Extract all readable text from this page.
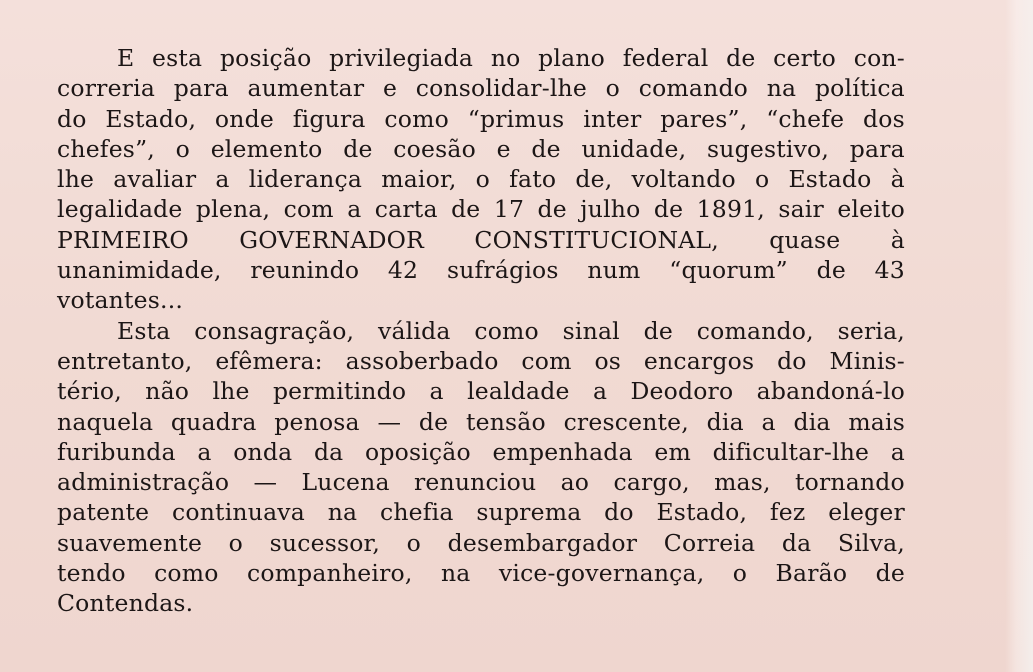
E esta posição privilegiada no plano federal de certo con-
correria para aumentar e consolidar-lhe o comando na política
do Estado, onde figura como “primus inter pares”, “chefe dos
chefes”, o elemento de coesão e de unidade, sugestivo, para
lhe avaliar a liderança maior, o fato de, voltando o Estado à
legalidade plena, com a carta de 17 de julho de 1891, sair eleito
PRIMEIRO GOVERNADOR CONSTITUCIONAL, quase à
unanimidade, reunindo 42 sufrágios num “quorum” de 43
votantes...
Esta consagração, válida como sinal de comando, seria,
entretanto, efêmera: assoberbado com os encargos do Minis-
tério, não lhe permitindo a lealdade a Deodoro abandoná-lo
naquela quadra penosa — de tensão crescente, dia a dia mais
furibunda a onda da oposição empenhada em dificultar-lhe a
administração — Lucena renunciou ao cargo, mas, tornando
patente continuava na chefia suprema do Estado, fez eleger
suavemente o sucessor, o desembargador Correia da Silva,
tendo como companheiro, na vice-governança, o Barão de
Contendas.
